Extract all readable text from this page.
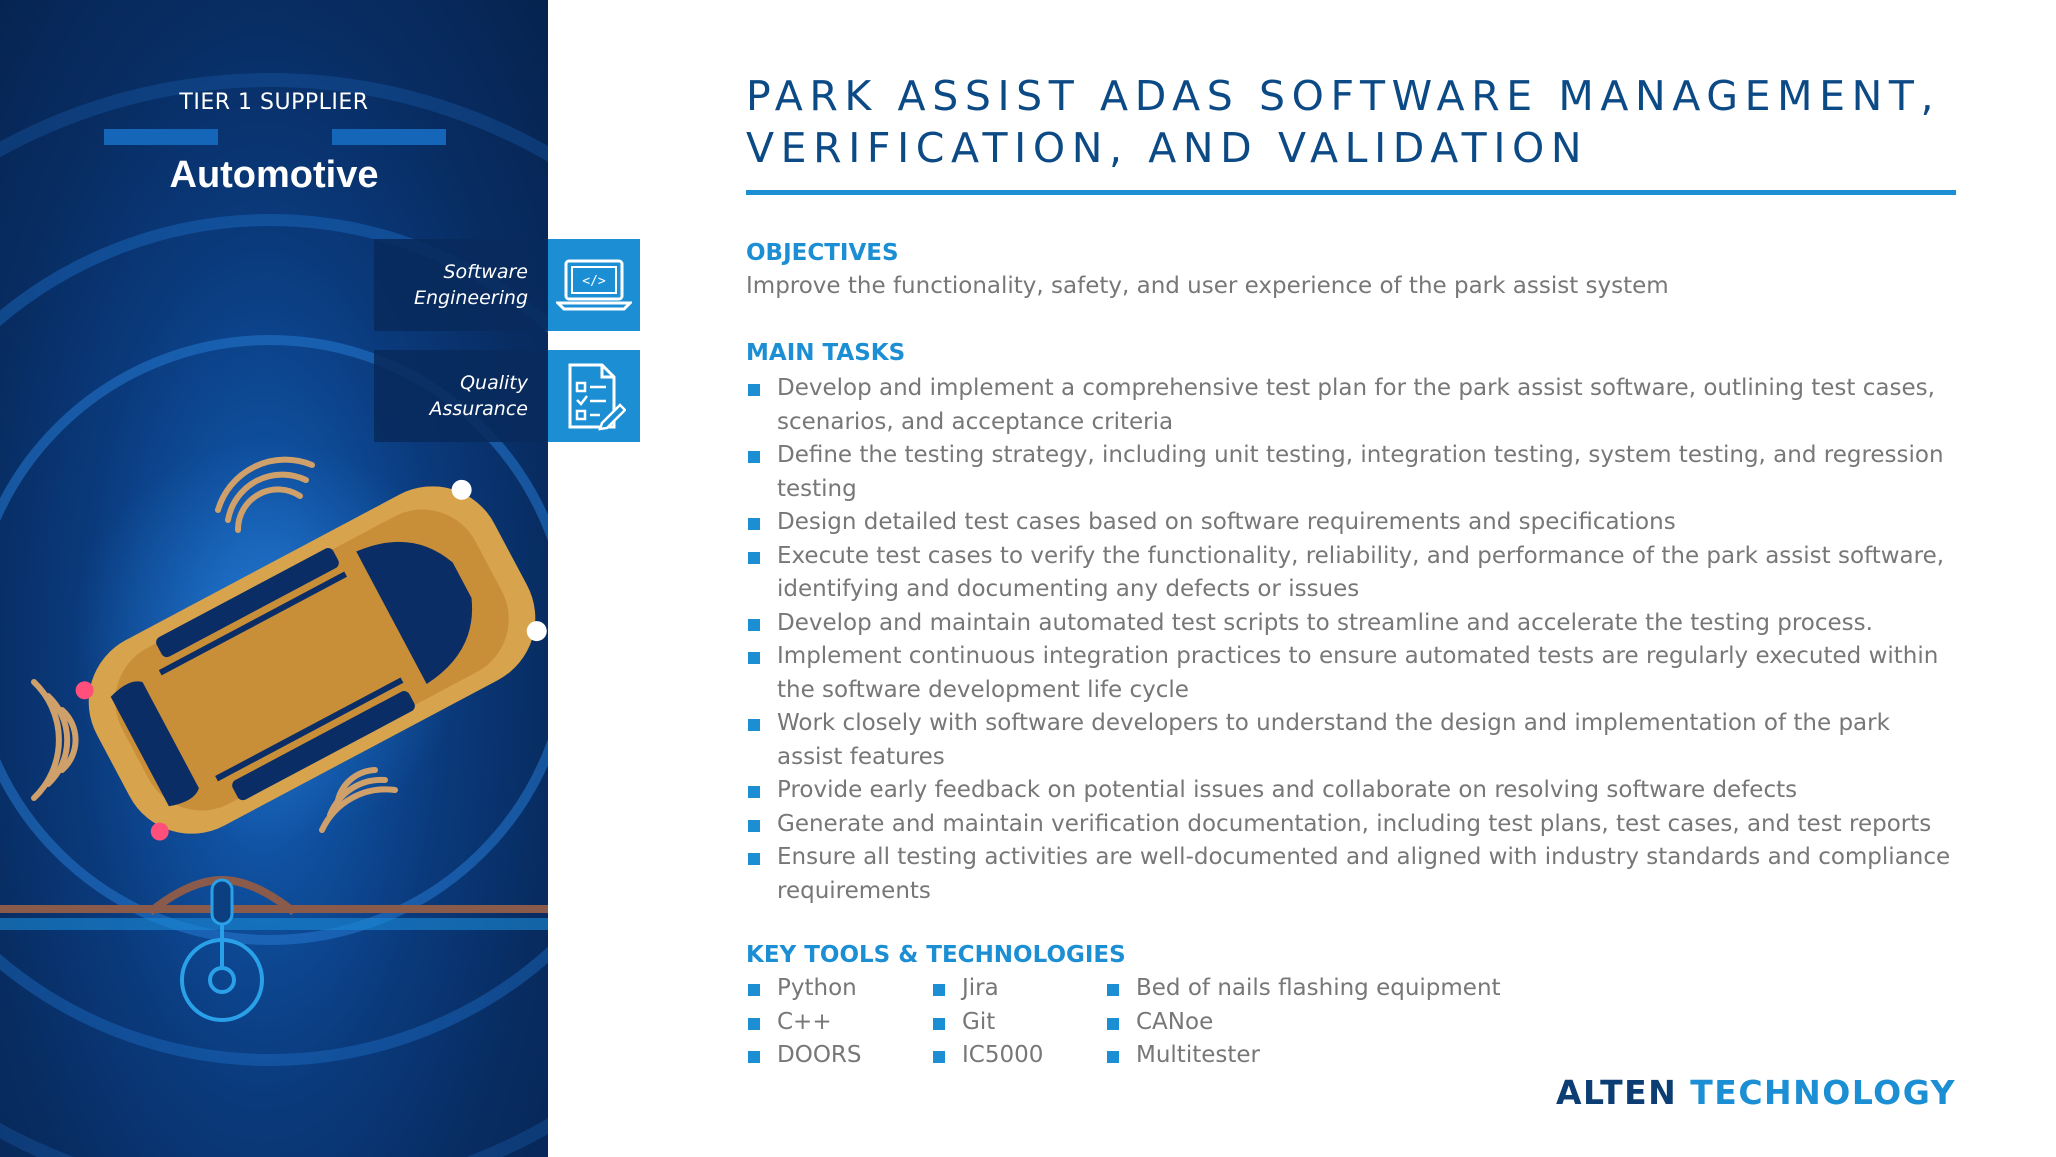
TIER 1 SUPPLIER
Automotive
Software
Engineering
Quality
Assurance
</>
PARK ASSIST ADAS SOFTWARE MANAGEMENT, VERIFICATION, AND VALIDATION
OBJECTIVES
Improve the functionality, safety, and user experience of the park assist system
MAIN TASKS
Develop and implement a comprehensive test plan for the park assist software, outlining test cases, scenarios, and acceptance criteria
Define the testing strategy, including unit testing, integration testing, system testing, and regression testing
Design detailed test cases based on software requirements and specifications
Execute test cases to verify the functionality, reliability, and performance of the park assist software, identifying and documenting any defects or issues
Develop and maintain automated test scripts to streamline and accelerate the testing process.
Implement continuous integration practices to ensure automated tests are regularly executed within the software development life cycle
Work closely with software developers to understand the design and implementation of the park assist features
Provide early feedback on potential issues and collaborate on resolving software defects
Generate and maintain verification documentation, including test plans, test cases, and test reports
Ensure all testing activities are well-documented and aligned with industry standards and compliance requirements
KEY TOOLS & TECHNOLOGIES
Python
C++
DOORS
Jira
Git
IC5000
Bed of nails flashing equipment
CANoe
Multitester
ALTEN TECHNOLOGY
